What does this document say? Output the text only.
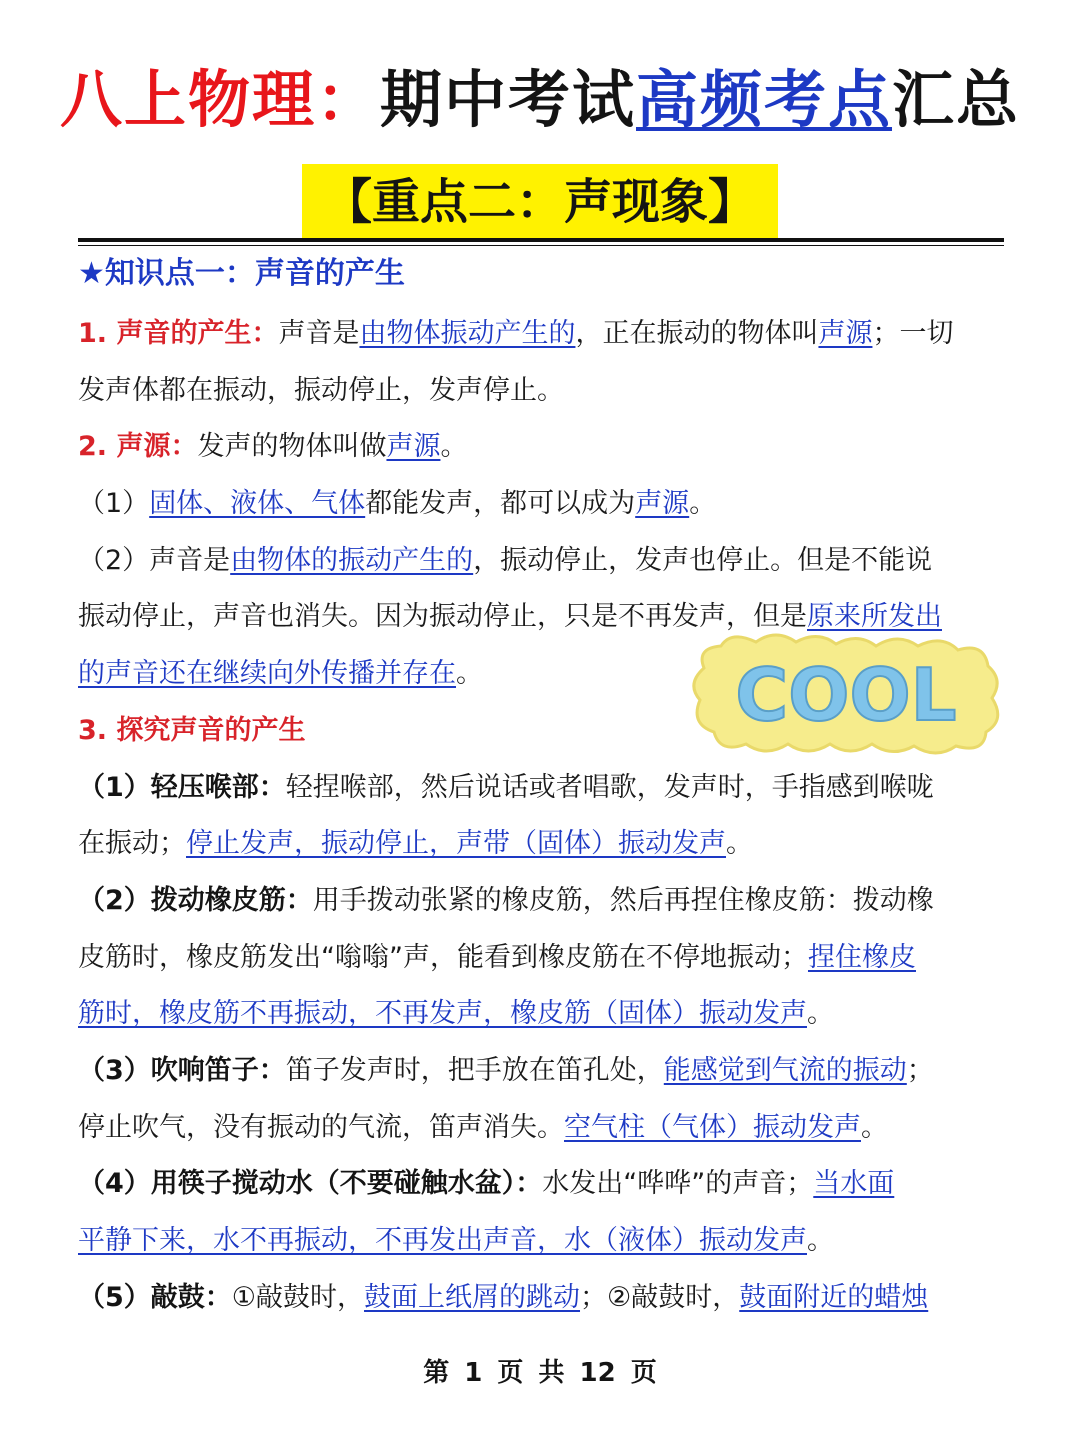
八上物理：期中考试高频考点汇总
【重点二：声现象】
★知识点一：声音的产生
1. 声音的产生：声音是由物体振动产生的，正在振动的物体叫声源；一切
发声体都在振动，振动停止，发声停止。
2. 声源：发声的物体叫做声源。
（1）固体、液体、气体都能发声，都可以成为声源。
（2）声音是由物体的振动产生的，振动停止，发声也停止。但是不能说
振动停止，声音也消失。因为振动停止，只是不再发声，但是原来所发出
的声音还在继续向外传播并存在。
3. 探究声音的产生
（1）轻压喉部：轻捏喉部，然后说话或者唱歌，发声时，手指感到喉咙
在振动；停止发声，振动停止，声带（固体）振动发声。
（2）拨动橡皮筋：用手拨动张紧的橡皮筋，然后再捏住橡皮筋：拨动橡
皮筋时，橡皮筋发出“嗡嗡”声，能看到橡皮筋在不停地振动；捏住橡皮
筋时，橡皮筋不再振动，不再发声，橡皮筋（固体）振动发声。
（3）吹响笛子：笛子发声时，把手放在笛孔处，能感觉到气流的振动；
停止吹气，没有振动的气流，笛声消失。空气柱（气体）振动发声。
（4）用筷子搅动水（不要碰触水盆）：水发出“哗哗”的声音；当水面
平静下来，水不再振动，不再发出声音，水（液体）振动发声。
（5）敲鼓：①敲鼓时，鼓面上纸屑的跳动；②敲鼓时，鼓面附近的蜡烛
COOL
第 1 页 共 12 页
